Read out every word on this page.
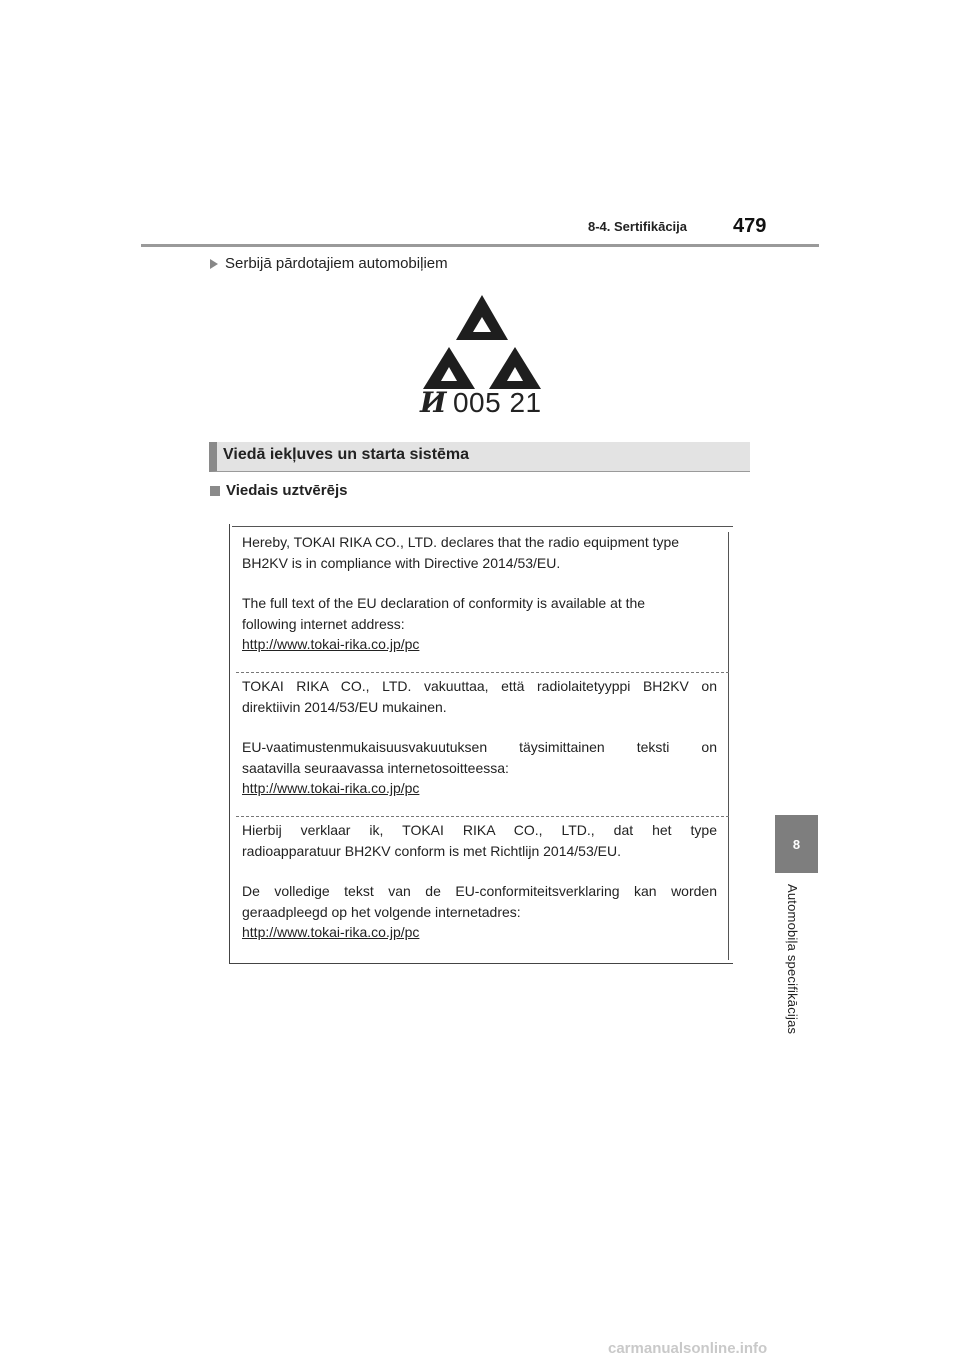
8-4. Sertifikācija 479
Serbijā pārdotajiem automobiļiem
И 005 21
Viedā iekļuves un starta sistēma
Viedais uztvērējs

Hereby, TOKAI RIKA CO., LTD. declares that the radio equipment type

BH2KV is in compliance with Directive 2014/53/EU.

The full text of the EU declaration of conformity is available at the

following internet address:

http://www.tokai-rika.co.jp/pc

TOKAI RIKA CO., LTD. vakuuttaa, että radiolaitetyyppi BH2KV on

direktiivin 2014/53/EU mukainen.

EU-vaatimustenmukaisuusvakuutuksen täysimittainen teksti on

saatavilla seuraavassa internetosoitteessa:

http://www.tokai-rika.co.jp/pc

Hierbij verklaar ik, TOKAI RIKA CO., LTD., dat het type

radioapparatuur BH2KV conform is met Richtlijn 2014/53/EU.

De volledige tekst van de EU-conformiteitsverklaring kan worden

geraadpleegd op het volgende internetadres:

http://www.tokai-rika.co.jp/pc

8
Automobiļa specifikācijas
carmanualsonline.info
